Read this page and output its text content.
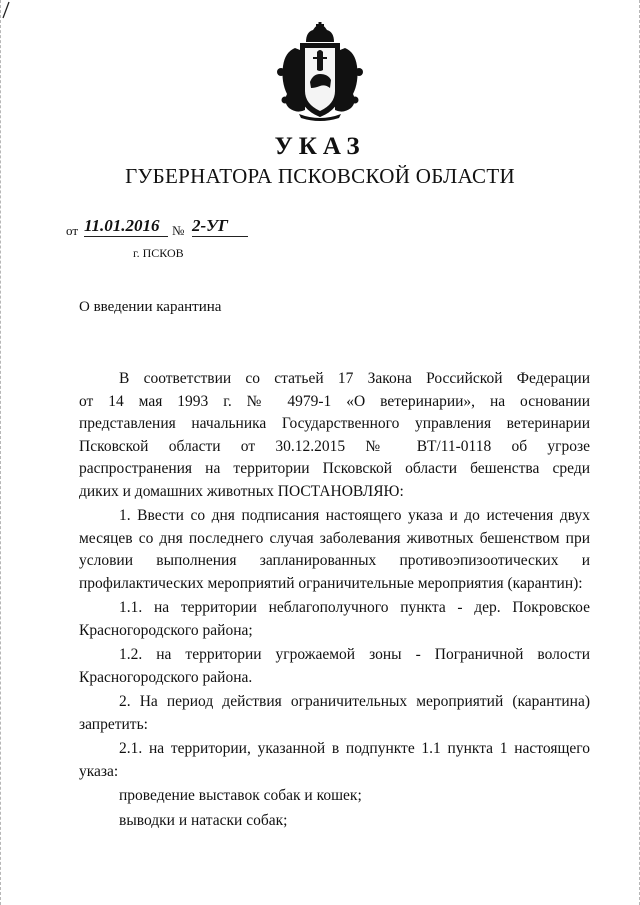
УКАЗ
ГУБЕРНАТОРА ПСКОВСКОЙ ОБЛАСТИ
от 11.01.2016 № 2-УГ
г. ПСКОВ
О введении карантина

В соответствии со статьей 17 Закона Российской Федерации

от 14 мая 1993 г. № 4979-1 «О ветеринарии», на основании

представления начальника Государственного управления ветеринарии

Псковской области от 30.12.2015 № ВТ/11-0118 об угрозе

распространения на территории Псковской области бешенства среди

диких и домашних животных ПОСТАНОВЛЯЮ:

1. Ввести со дня подписания настоящего указа и до истечения двух месяцев со дня последнего случая заболевания животных бешенством при условии выполнения запланированных противоэпизоотических и профилактических мероприятий ограничительные мероприятия (карантин):

1.1. на территории неблагополучного пункта - дер. Покровское Красногородского района;

1.2. на территории угрожаемой зоны - Пограничной волости Красногородского района.

2. На период действия ограничительных мероприятий (карантина) запретить:

2.1. на территории, указанной в подпункте 1.1 пункта 1 настоящего указа:

проведение выставок собак и кошек;

выводки и натаски собак;
